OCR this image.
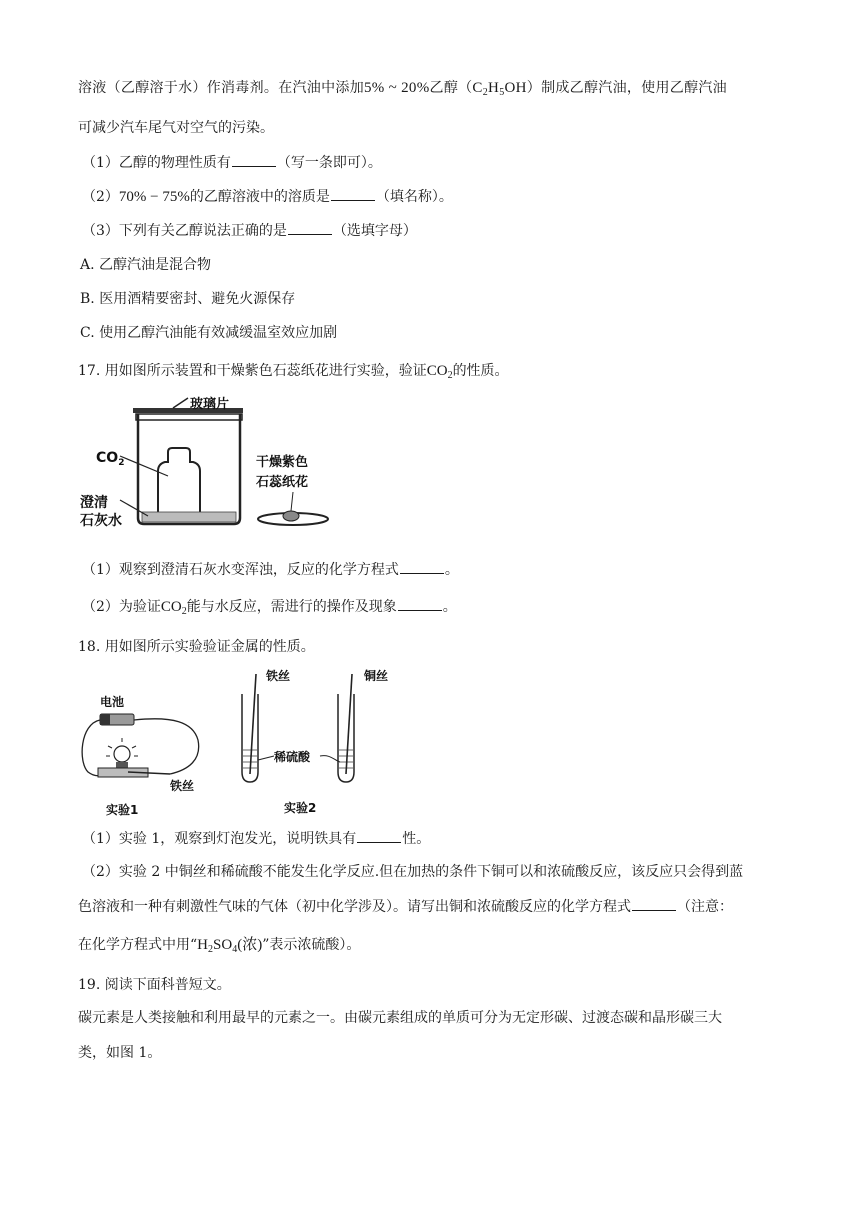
溶液（乙醇溶于水）作消毒剂。在汽油中添加5% ~ 20%乙醇$(C_2H_5OH)$制成乙醇汽油，使用乙醇汽油
可减少汽车尾气对空气的污染。
（1）乙醇的物理性质有	（写一条即可）。
（2）70% − 75%的乙醇溶液中的溶质是	（填名称）。
（3）下列有关乙醇说法正确的是	（选填字母）
A. 乙醇汽油是混合物
B. 医用酒精要密封、避免火源保存
C. 使用乙醇汽油能有效减缓温室效应加剧
17. 用如图所示装置和干燥紫色石蕊纸花进行实验，验证$CO_2$的性质。
玻璃片
$CO_2$
澄清
石灰水
干燥紫色
石蕊纸花
（1）观察到澄清石灰水变浑浊，反应的化学方程式	。
（2）为验证$CO_2$能与水反应，需进行的操作及现象	。
18. 用如图所示实验验证金属的性质。
电池
铁丝
实验1
铁丝	铜丝
稀硫酸
实验2
（1）实验 1，观察到灯泡发光，说明铁具有	性。
（2）实验 2 中铜丝和稀硫酸不能发生化学反应.但在加热的条件下铜可以和浓硫酸反应，该反应只会得到蓝
色溶液和一种有刺激性气味的气体（初中化学涉及）。请写出铜和浓硫酸反应的化学方程式	（注意：
在化学方程式中用“$H_2SO_4$(浓)”表示浓硫酸）。
19. 阅读下面科普短文。
碳元素是人类接触和利用最早的元素之一。由碳元素组成的单质可分为无定形碳、过渡态碳和晶形碳三大
类，如图 1。
